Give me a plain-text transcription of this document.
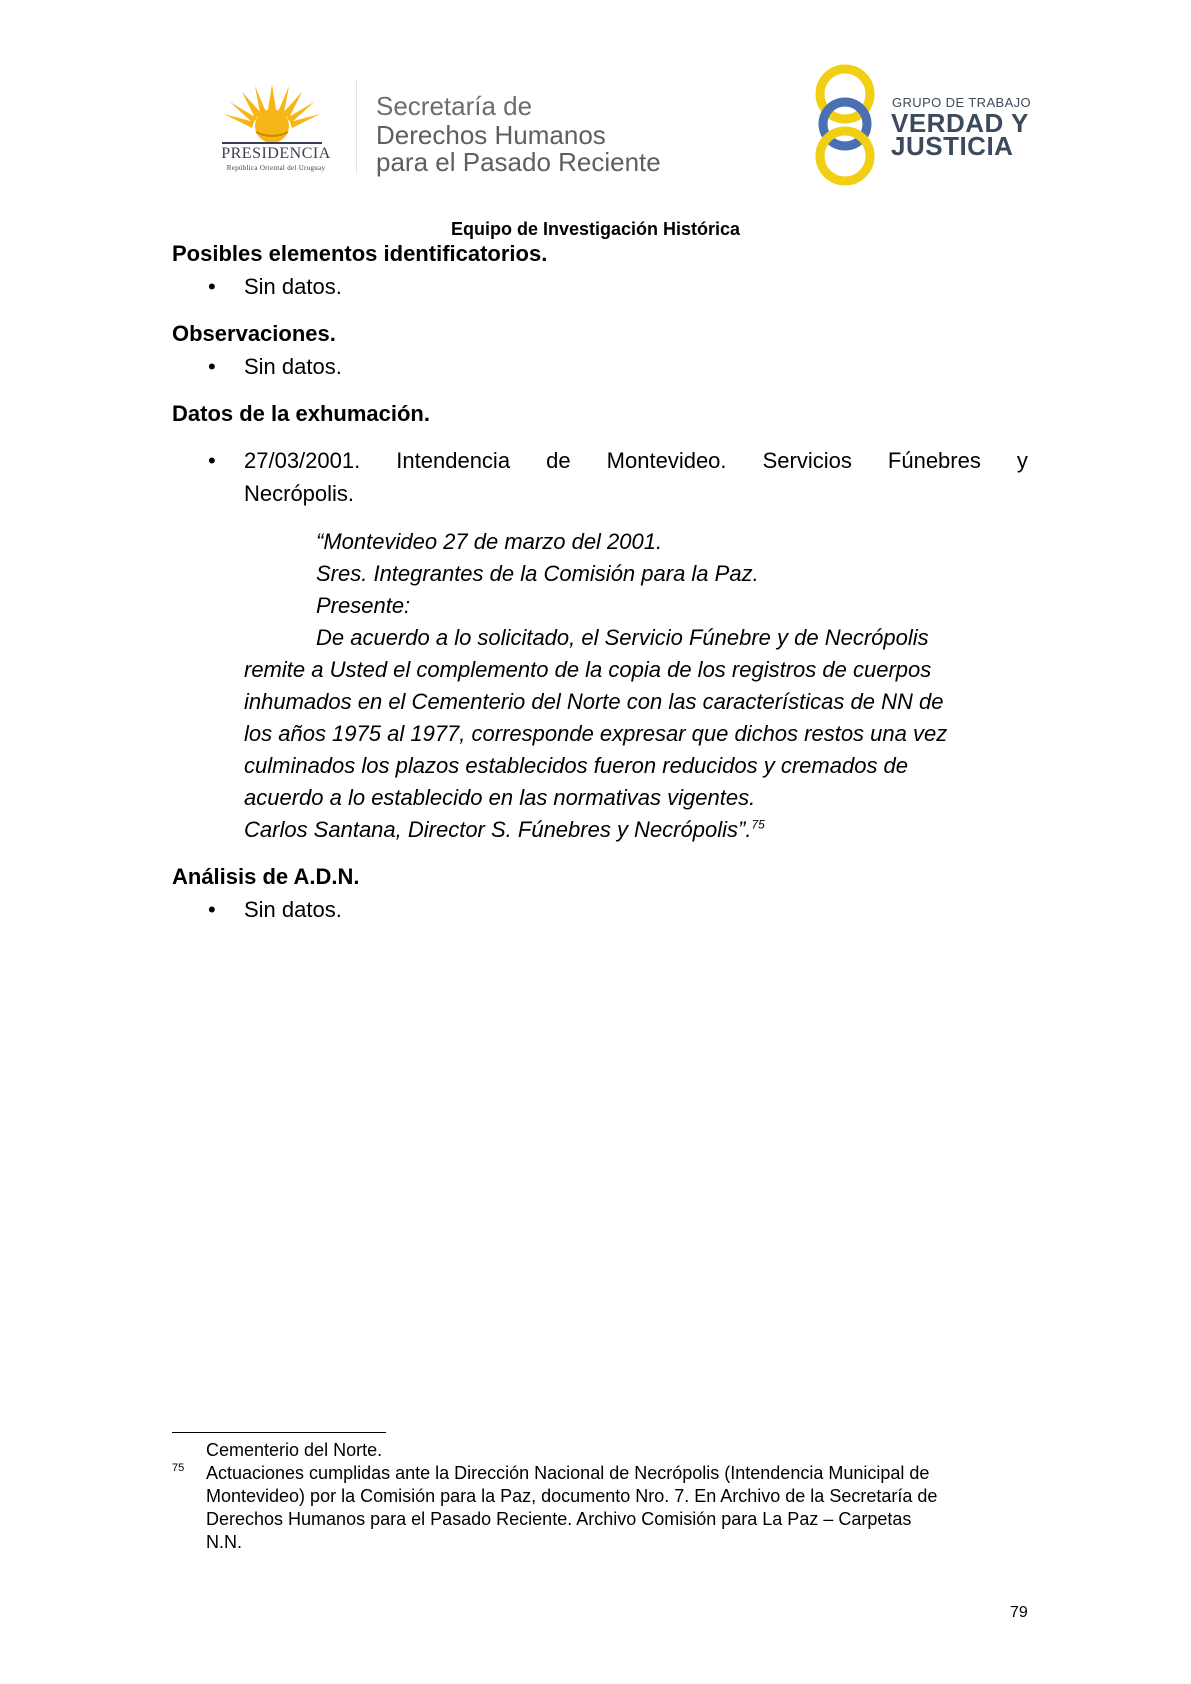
PRESIDENCIA
República Oriental del Uruguay
Secretaría de
Derechos Humanos
para el Pasado Reciente
GRUPO DE TRABAJO
VERDAD Y
JUSTICIA
Equipo de Investigación Histórica
Posibles elementos identificatorios.
• Sin datos.
Observaciones.
• Sin datos.
Datos de la exhumación.
• 27/03/2001. Intendencia de Montevideo. Servicios Fúnebres y
Necrópolis.
“Montevideo 27 de marzo del 2001.
Sres. Integrantes de la Comisión para la Paz.
Presente:
De acuerdo a lo solicitado, el Servicio Fúnebre y de Necrópolis
remite a Usted el complemento de la copia de los registros de cuerpos
inhumados en el Cementerio del Norte con las características de NN de
los años 1975 al 1977, corresponde expresar que dichos restos una vez
culminados los plazos establecidos fueron reducidos y cremados de
acuerdo a lo establecido en las normativas vigentes.
Carlos Santana, Director S. Fúnebres y Necrópolis”.$^{75}$
Análisis de A.D.N.
• Sin datos.
Cementerio del Norte.
75 Actuaciones cumplidas ante la Dirección Nacional de Necrópolis (Intendencia Municipal de
Montevideo) por la Comisión para la Paz, documento Nro. 7. En Archivo de la Secretaría de
Derechos Humanos para el Pasado Reciente. Archivo Comisión para La Paz – Carpetas
N.N.
79
